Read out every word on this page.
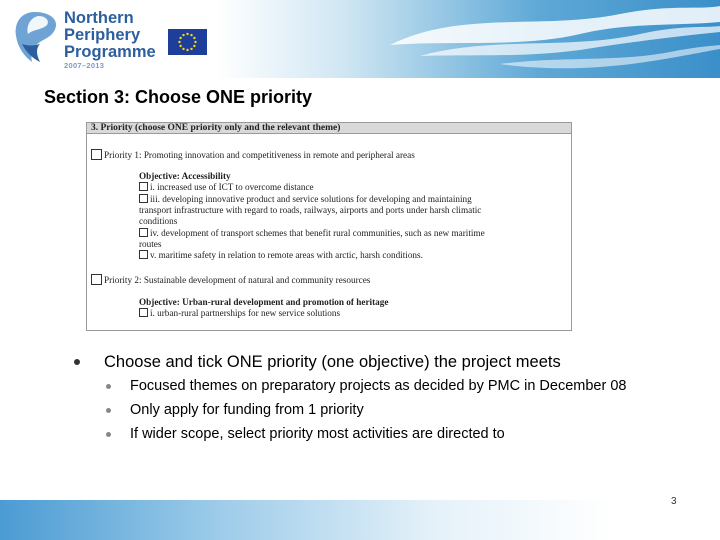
Northern
Periphery
Programme
2007–2013
Section 3: Choose ONE priority
3. Priority (choose ONE priority only and the relevant theme)
Priority 1: Promoting innovation and competitiveness in remote and peripheral areas
Objective: Accessibility
i. increased use of ICT to overcome distance
iii. developing innovative product and service solutions for developing and maintaining
transport infrastructure with regard to roads, railways, airports and ports under harsh climatic
conditions
iv. development of transport schemes that benefit rural communities, such as new maritime
routes
v. maritime safety in relation to remote areas with arctic, harsh conditions.
Priority 2: Sustainable development of natural and community resources
Objective: Urban-rural development and promotion of heritage
i. urban-rural partnerships for new service solutions
Choose and tick ONE priority (one objective) the project meets
Focused themes on preparatory projects as decided by PMC in December 08
Only apply for funding from 1 priority
If wider scope, select priority most activities are directed to
3
